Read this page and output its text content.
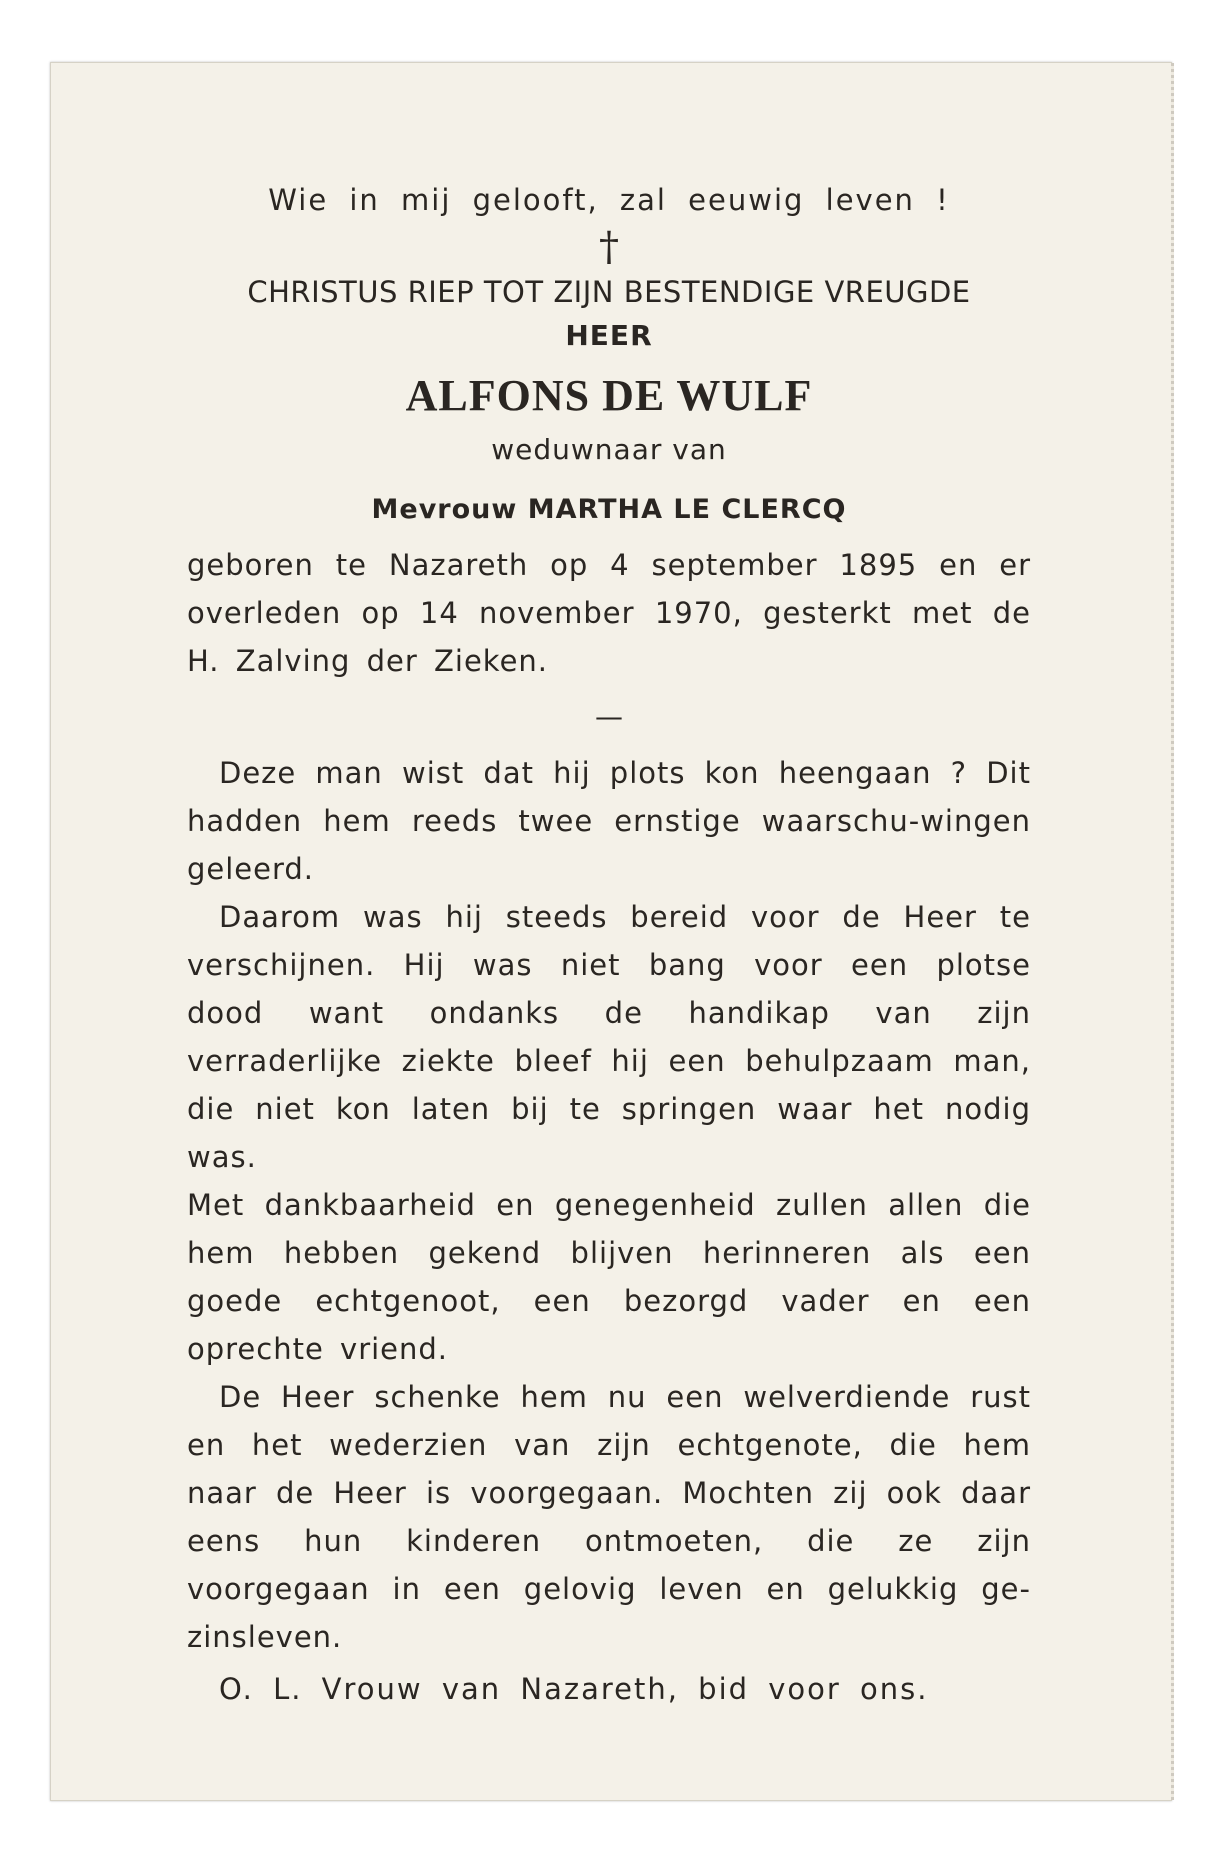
Wie in mij gelooft, zal eeuwig leven !

†

CHRISTUS RIEP TOT ZIJN BESTENDIGE VREUGDE

HEER

ALFONS DE WULF

weduwnaar van

Mevrouw MARTHA LE CLERCQ

geboren te Nazareth op 4 september 1895 en er overleden op 14 november 1970, gesterkt met de H. Zalving der Zieken.

—

Deze man wist dat hij plots kon heengaan ? Dit hadden hem reeds twee ernstige waarschu-wingen geleerd.

Daarom was hij steeds bereid voor de Heer te verschijnen. Hij was niet bang voor een plotse dood want ondanks de handikap van zijn verraderlijke ziekte bleef hij een behulpzaam man, die niet kon laten bij te springen waar het nodig was.

Met dankbaarheid en genegenheid zullen allen die hem hebben gekend blijven herinneren als een goede echtgenoot, een bezorgd vader en een oprechte vriend.

De Heer schenke hem nu een welverdiende rust en het wederzien van zijn echtgenote, die hem naar de Heer is voorgegaan. Mochten zij ook daar eens hun kinderen ontmoeten, die ze zijn voorgegaan in een gelovig leven en gelukkig ge-zinsleven.

O. L. Vrouw van Nazareth, bid voor ons.
